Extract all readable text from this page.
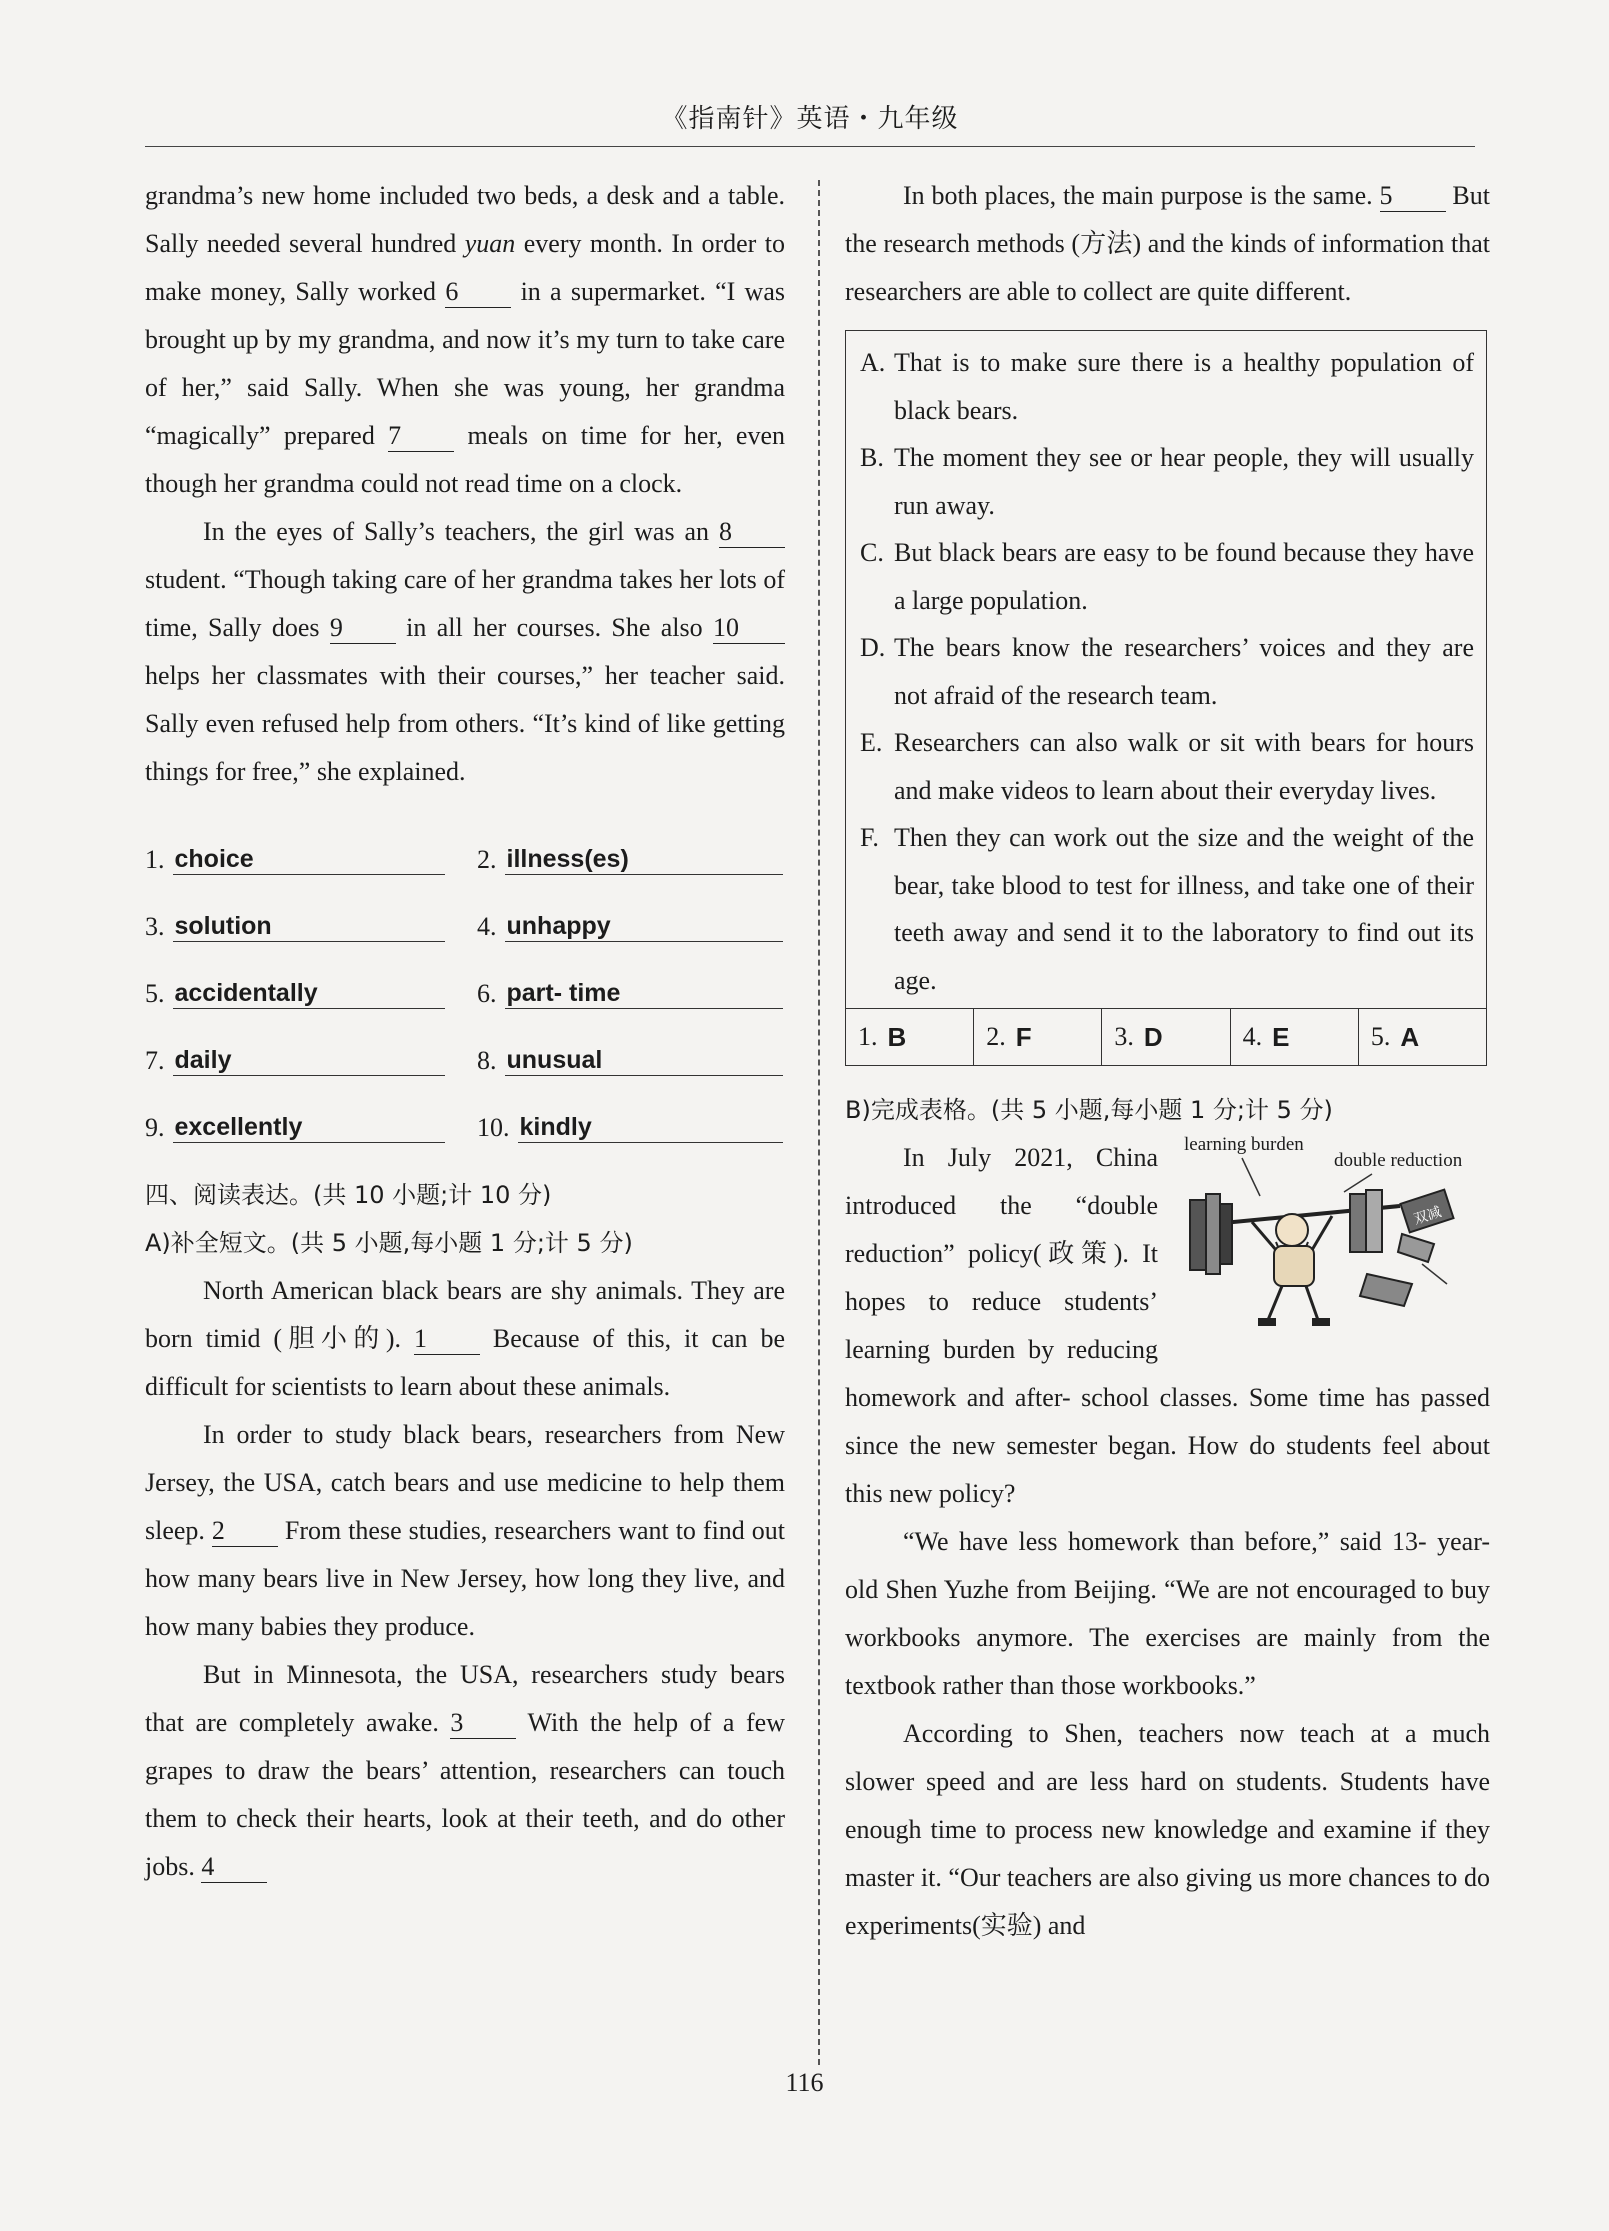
《指南针》英语・九年级

grandma’s new home included two beds, a desk and a table. Sally needed several hundred yuan every month. In order to make money, Sally worked 6 in a supermarket. “I was brought up by my grandma, and now it’s my turn to take care of her,” said Sally. When she was young, her grandma “magically” prepared 7 meals on time for her, even though her grandma could not read time on a clock.

In the eyes of Sally’s teachers, the girl was an 8 student. “Though taking care of her grandma takes her lots of time, Sally does 9 in all her courses. She also 10 helps her classmates with their courses,” her teacher said. Sally even refused help from others. “It’s kind of like getting things for free,” she explained.

1. choice	2. illness(es)
3. solution	4. unhappy
5. accidentally	6. part- time
7. daily	8. unusual
9. excellently	10. kindly

四、阅读表达。(共 10 小题;计 10 分)

A)补全短文。(共 5 小题,每小题 1 分;计 5 分)

North American black bears are shy animals. They are born timid (胆小的). 1 Because of this, it can be difficult for scientists to learn about these animals.

In order to study black bears, researchers from New Jersey, the USA, catch bears and use medicine to help them sleep. 2 From these studies, researchers want to find out how many bears live in New Jersey, how long they live, and how many babies they produce.

But in Minnesota, the USA, researchers study bears that are completely awake. 3 With the help of a few grapes to draw the bears’ attention, researchers can touch them to check their hearts, look at their teeth, and do other jobs. 4

In both places, the main purpose is the same. 5 But the research methods (方法) and the kinds of information that researchers are able to collect are quite different.

A. That is to make sure there is a healthy population of black bears.
B. The moment they see or hear people, they will usually run away.
C. But black bears are easy to be found because they have a large population.
D. The bears know the researchers’ voices and they are not afraid of the research team.
E. Researchers can also walk or sit with bears for hours and make videos to learn about their everyday lives.
F. Then they can work out the size and the weight of the bear, take blood to test for illness, and take one of their teeth away and send it to the laboratory to find out its age.
1. B	2. F	3. D	4. E	5. A

B)完成表格。(共 5 小题,每小题 1 分;计 5 分)

learning burden
double reduction
双减

In July 2021, China introduced the “double reduction” policy(政策). It hopes to reduce students’ learning burden by reducing homework and after- school classes. Some time has passed since the new semester began. How do students feel about this new policy?

“We have less homework than before,” said 13- year- old Shen Yuzhe from Beijing. “We are not encouraged to buy workbooks anymore. The exercises are mainly from the textbook rather than those workbooks.”

According to Shen, teachers now teach at a much slower speed and are less hard on students. Students have enough time to process new knowledge and examine if they master it. “Our teachers are also giving us more chances to do experiments(实验) and

116
